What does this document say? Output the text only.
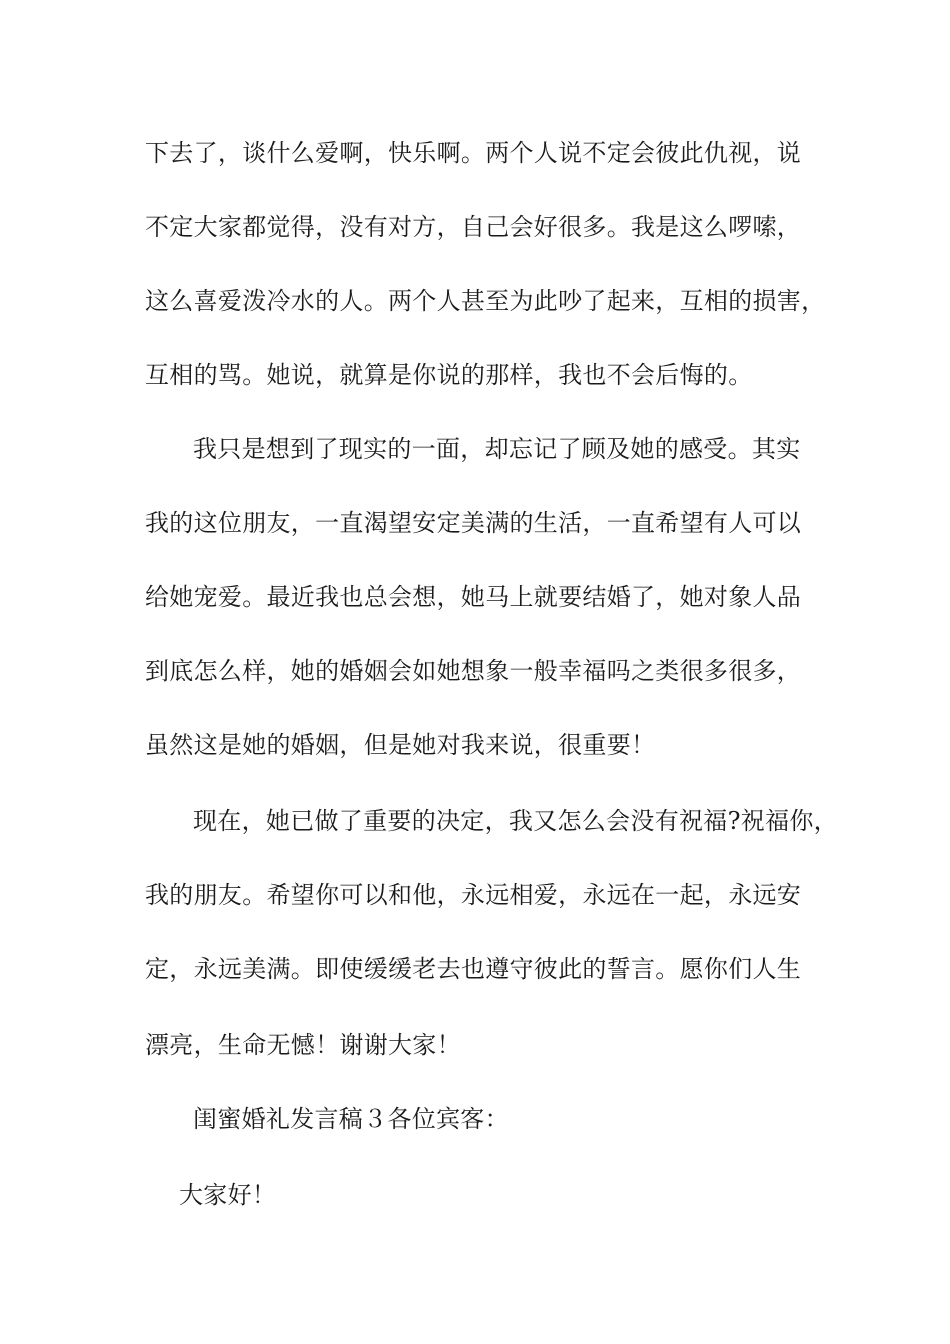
下去了，谈什么爱啊，快乐啊。两个人说不定会彼此仇视，说
不定大家都觉得，没有对方，自己会好很多。我是这么啰嗦，
这么喜爱泼冷水的人。两个人甚至为此吵了起来，互相的损害，
互相的骂。她说，就算是你说的那样，我也不会后悔的。
我只是想到了现实的一面，却忘记了顾及她的感受。其实
我的这位朋友，一直渴望安定美满的生活，一直希望有人可以
给她宠爱。最近我也总会想，她马上就要结婚了，她对象人品
到底怎么样，她的婚姻会如她想象一般幸福吗之类很多很多，
虽然这是她的婚姻，但是她对我来说，很重要！
现在，她已做了重要的决定，我又怎么会没有祝福?祝福你，
我的朋友。希望你可以和他，永远相爱，永远在一起，永远安
定，永远美满。即使缓缓老去也遵守彼此的誓言。愿你们人生
漂亮，生命无憾！谢谢大家！
闺蜜婚礼发言稿３各位宾客：
大家好！
